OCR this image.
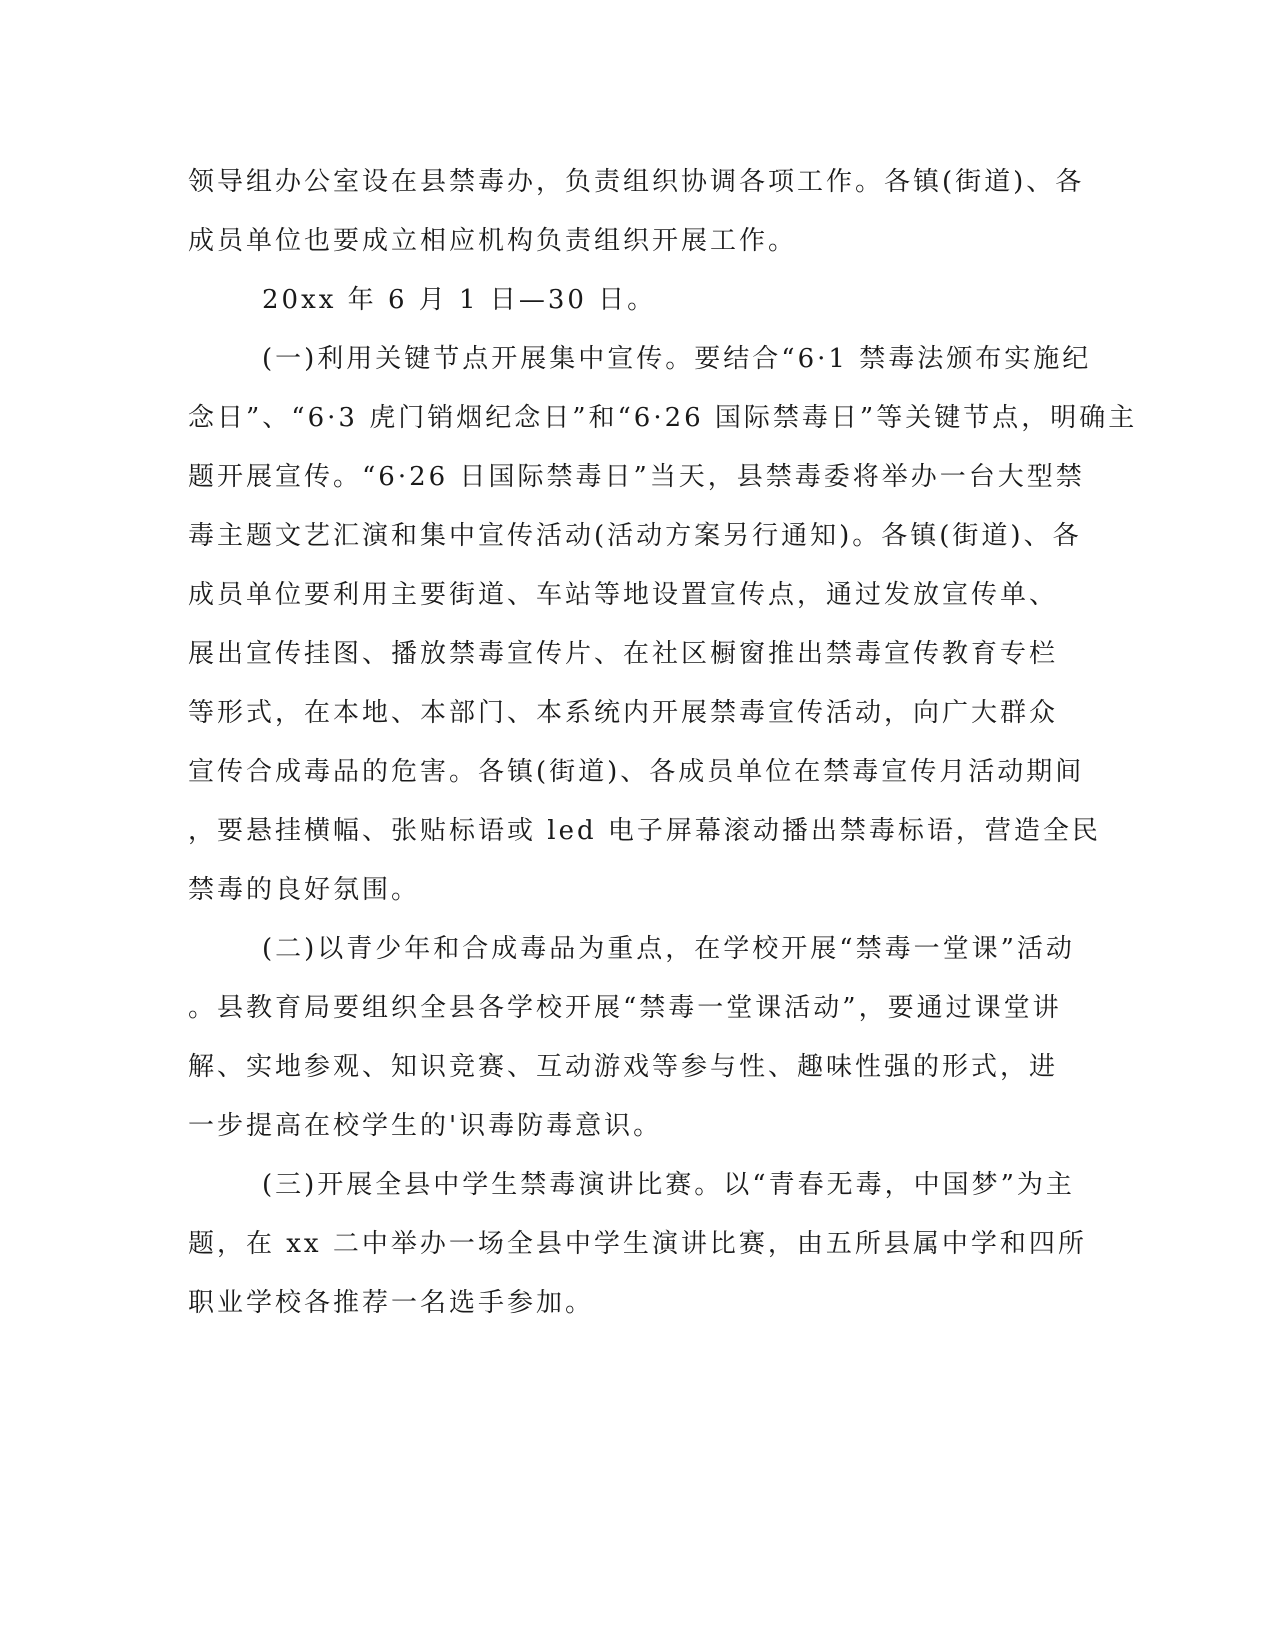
领导组办公室设在县禁毒办，负责组织协调各项工作。各镇(街道)、各
成员单位也要成立相应机构负责组织开展工作。
20xx 年 6 月 1 日—30 日。
(一)利用关键节点开展集中宣传。要结合“6·1 禁毒法颁布实施纪
念日”、“6·3 虎门销烟纪念日”和“6·26 国际禁毒日”等关键节点，明确主
题开展宣传。“6·26 日国际禁毒日”当天，县禁毒委将举办一台大型禁
毒主题文艺汇演和集中宣传活动(活动方案另行通知)。各镇(街道)、各
成员单位要利用主要街道、车站等地设置宣传点，通过发放宣传单、
展出宣传挂图、播放禁毒宣传片、在社区橱窗推出禁毒宣传教育专栏
等形式，在本地、本部门、本系统内开展禁毒宣传活动，向广大群众
宣传合成毒品的危害。各镇(街道)、各成员单位在禁毒宣传月活动期间
，要悬挂横幅、张贴标语或 led 电子屏幕滚动播出禁毒标语，营造全民
禁毒的良好氛围。
(二)以青少年和合成毒品为重点，在学校开展“禁毒一堂课”活动
。县教育局要组织全县各学校开展“禁毒一堂课活动”，要通过课堂讲
解、实地参观、知识竞赛、互动游戏等参与性、趣味性强的形式，进
一步提高在校学生的'识毒防毒意识。
(三)开展全县中学生禁毒演讲比赛。以“青春无毒，中国梦”为主
题，在 xx 二中举办一场全县中学生演讲比赛，由五所县属中学和四所
职业学校各推荐一名选手参加。
